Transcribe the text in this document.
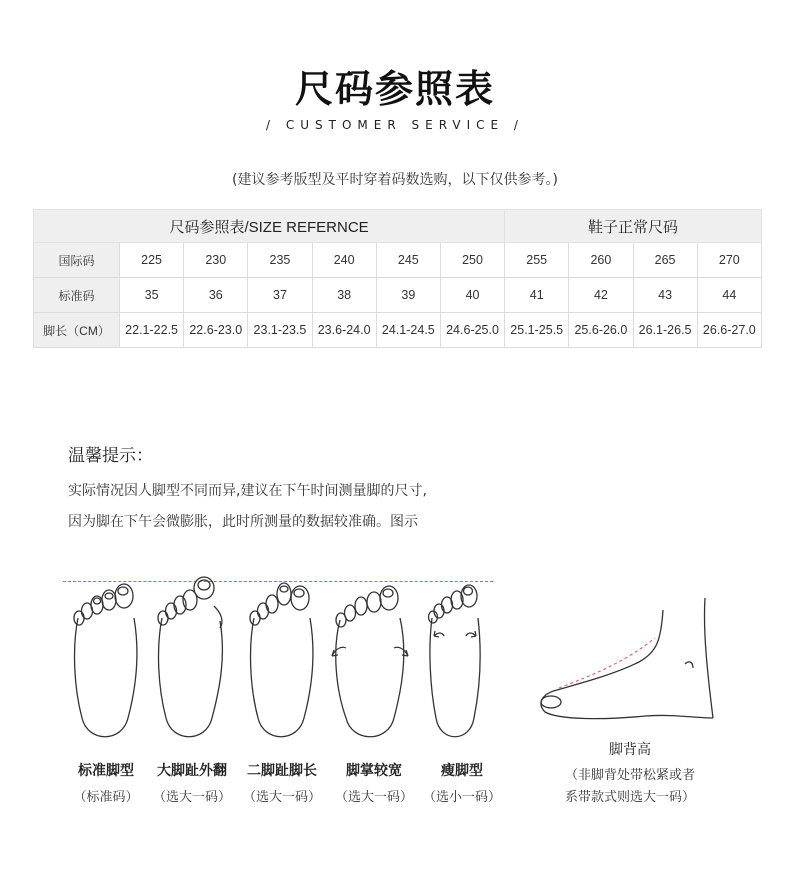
尺码参照表
/ CUSTOMER SERVICE /
(建议参考版型及平时穿着码数选购，以下仅供参考。)
尺码参照表/SIZE REFERNCE							鞋子正常尺码			
国际码	225	230	235	240	245	250	255	260	265	270
标准码	35	36	37	38	39	40	41	42	43	44
脚长（CM）	22.1-22.5	22.6-23.0	23.1-23.5	23.6-24.0	24.1-24.5	24.6-25.0	25.1-25.5	25.6-26.0	26.1-26.5	26.6-27.0
温馨提示：
实际情况因人脚型不同而异,建议在下午时间测量脚的尺寸,
因为脚在下午会微膨胀，此时所测量的数据较准确。图示
标准脚型	大脚趾外翻	二脚趾脚长	脚掌较宽	瘦脚型
（标准码）	（选大一码） （选大一码）	（选大一码） （选小一码）
脚背高
（非脚背处带松紧或者
系带款式则选大一码）
